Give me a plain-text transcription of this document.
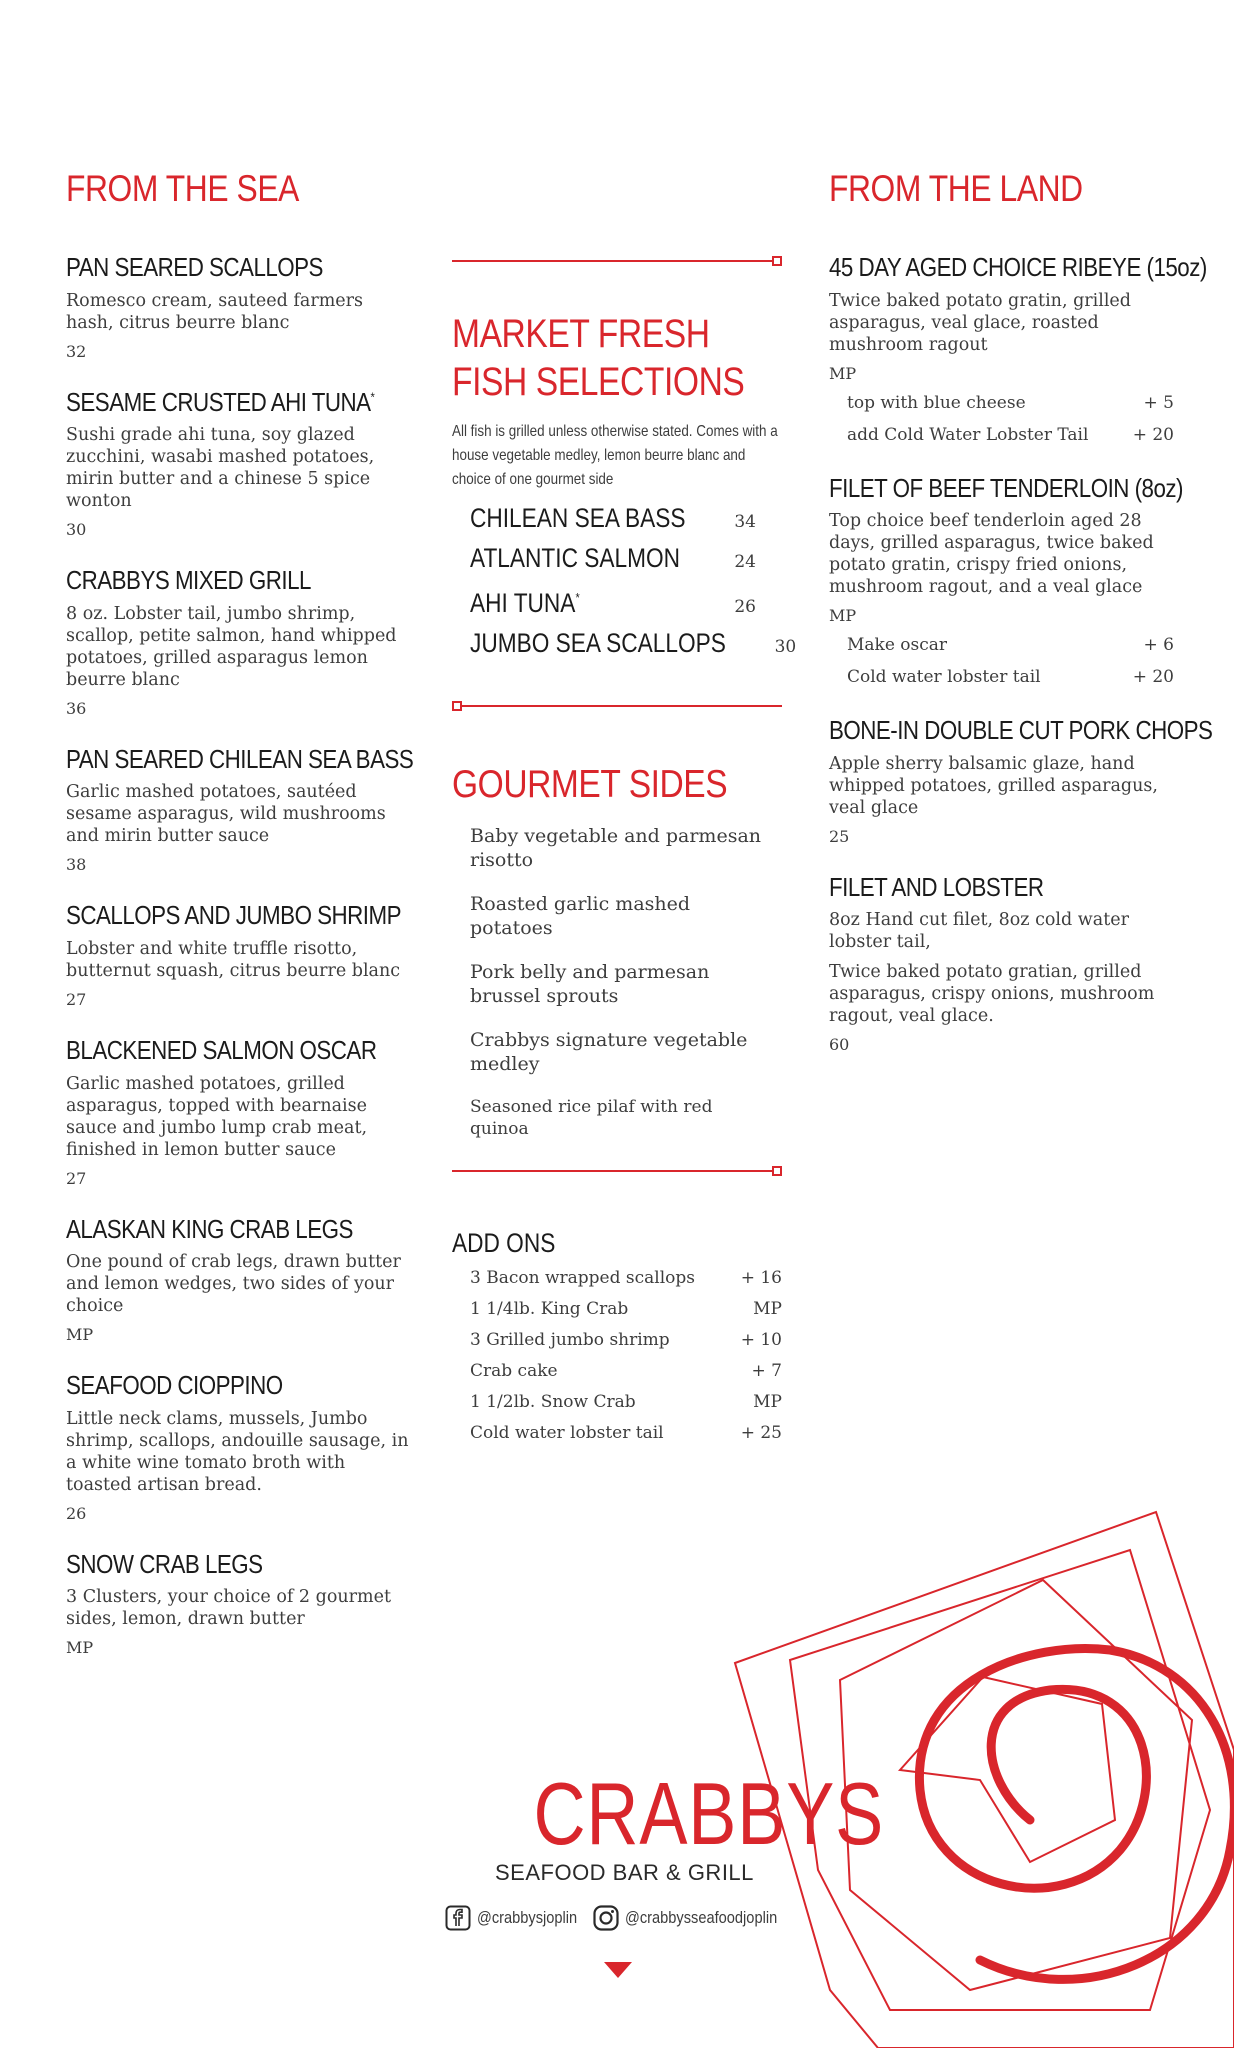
FROM THE SEA
PAN SEARED SCALLOPS
Romesco cream, sauteed farmers hash, citrus beurre blanc
32
SESAME CRUSTED AHI TUNA*
Sushi grade ahi tuna, soy glazed zucchini, wasabi mashed potatoes, mirin butter and a chinese 5 spice wonton
30
CRABBYS MIXED GRILL
8 oz. Lobster tail, jumbo shrimp, scallop, petite salmon, hand whipped potatoes, grilled asparagus lemon beurre blanc
36
PAN SEARED CHILEAN SEA BASS
Garlic mashed potatoes, sautéed sesame asparagus, wild mushrooms and mirin butter sauce
38
SCALLOPS AND JUMBO SHRIMP
Lobster and white truffle risotto, butternut squash, citrus beurre blanc
27
BLACKENED SALMON OSCAR
Garlic mashed potatoes, grilled asparagus, topped with bearnaise sauce and jumbo lump crab meat, finished in lemon butter sauce
27
ALASKAN KING CRAB LEGS
One pound of crab legs, drawn butter and lemon wedges, two sides of your choice
MP
SEAFOOD CIOPPINO
Little neck clams, mussels, Jumbo shrimp, scallops, andouille sausage, in a white wine tomato broth with toasted artisan bread.
26
SNOW CRAB LEGS
3 Clusters, your choice of 2 gourmet sides, lemon, drawn butter
MP
MARKET FRESH
FISH SELECTIONS
All fish is grilled unless otherwise stated. Comes with a house vegetable medley, lemon beurre blanc and choice of one gourmet side
CHILEAN SEA BASS	34
ATLANTIC SALMON	24
AHI TUNA*	26
JUMBO SEA SCALLOPS	30
GOURMET SIDES
Baby vegetable and parmesan risotto
Roasted garlic mashed potatoes
Pork belly and parmesan brussel sprouts
Crabbys signature vegetable medley
Seasoned rice pilaf with red quinoa
ADD ONS
3 Bacon wrapped scallops	+ 16
1 1/4lb. King Crab	MP
3 Grilled jumbo shrimp	+ 10
Crab cake	+ 7
1 1/2lb. Snow Crab	MP
Cold water lobster tail	+ 25
FROM THE LAND
45 DAY AGED CHOICE RIBEYE (15oz)
Twice baked potato gratin, grilled asparagus, veal glace, roasted mushroom ragout
MP
top with blue cheese	+ 5
add Cold Water Lobster Tail	+ 20
FILET OF BEEF TENDERLOIN (8oz)
Top choice beef tenderloin aged 28 days, grilled asparagus, twice baked potato gratin, crispy fried onions, mushroom ragout, and a veal glace
MP
Make oscar	+ 6
Cold water lobster tail	+ 20
BONE-IN DOUBLE CUT PORK CHOPS
Apple sherry balsamic glaze, hand whipped potatoes, grilled asparagus, veal glace
25
FILET AND LOBSTER
8oz Hand cut filet, 8oz cold water lobster tail,
Twice baked potato gratian, grilled asparagus, crispy onions, mushroom ragout, veal glace.
60
CRABBYS
SEAFOOD BAR & GRILL
@crabbysjoplin	@crabbysseafoodjoplin
